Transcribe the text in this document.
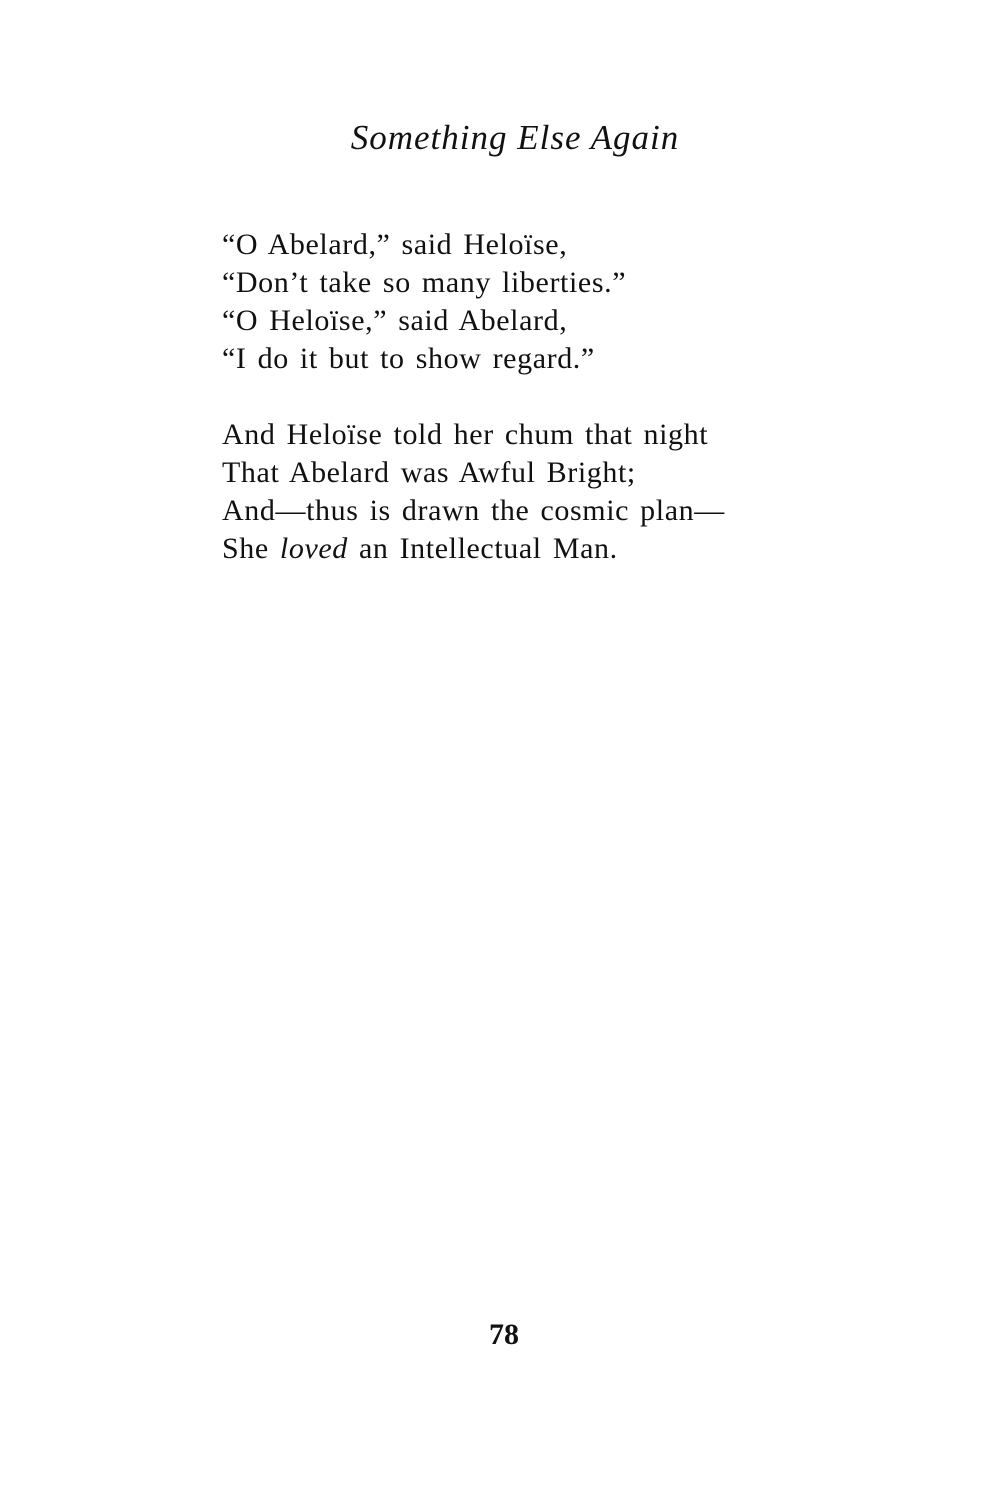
Something Else Again
“O Abelard,” said Heloïse,
“Don’t take so many liberties.”
“O Heloïse,” said Abelard,
“I do it but to show regard.”
And Heloïse told her chum that night
That Abelard was Awful Bright;
And—thus is drawn the cosmic plan—
She loved an Intellectual Man.
78
